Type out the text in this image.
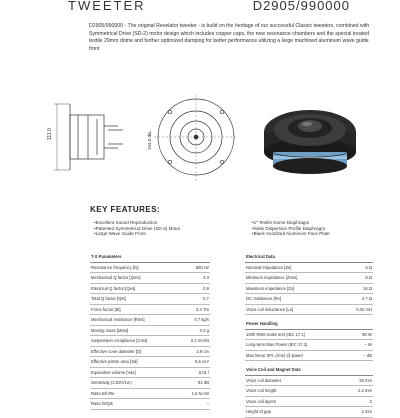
TWEETER	D2905/990000

D2905/990000 - The original Revelator tweeter - is build on the heritage of our successful Classic tweeters, combined with Symmetrical Drive (SD-2) motor design which includes copper caps, the new resonance chambers and the special treated textile 29mm dome and further optimized damping for better performance utilizing a large machined aluminum wave guide front

111.0	104.0 dia.
KEY FEATURES:
• Excellent Sound Reproduction
• Patented Symmetrical Drive (SD-2) Motor
• Large Wave Guide Front
• 1" Textile Dome Diaphragm
• Wide Dispersion Profile Diaphragm
• Black Anodized Aluminum Face Plate
T-S Parameters	
Resonance frequency [fs]	600 Hz
Mechanical Q factor [Qms]	4.3
Electrical Q factor [Qes]	0.9
Total Q factor [Qts]	0.7
Force factor [Bl]	3.4 Tm
Mechanical resistance [Rms]	0.7 kg/s
Moving mass [Mms]	0.3 g
Suspension compliance [Cms]	0.2 mm/N
Effective cone diameter [D]	2.9 cm
Effective piston area [Sd]	6.6 cm²
Equivalent volume [Vas]	0.01 l
Sensitivity (2.83V/1m)	91 dB
Ratio Bl/√Re	1.6 N/√W
Ratio fs/Qts	–
Electrical Data	
Nominal impedance [Zn]	6 Ω
Minimum impedance [Zmin]	5 Ω
Maximum impedance [Zo]	16 Ω
DC resistance [Re]	4.7 Ω
Voice coil inductance [Le]	0.02 mH
Power Handling	
100h RMS noise test (IEC 17.1)	80 W
Long-term Max Power (IEC 17.3)	– W
Max linear SPL (rms) @ power	– dB
Voice Coil and Magnet Data	
Voice coil diameter	28 mm
Voice coil height	2.2 mm
Voice coil layers	2
Height of gap	2 mm
